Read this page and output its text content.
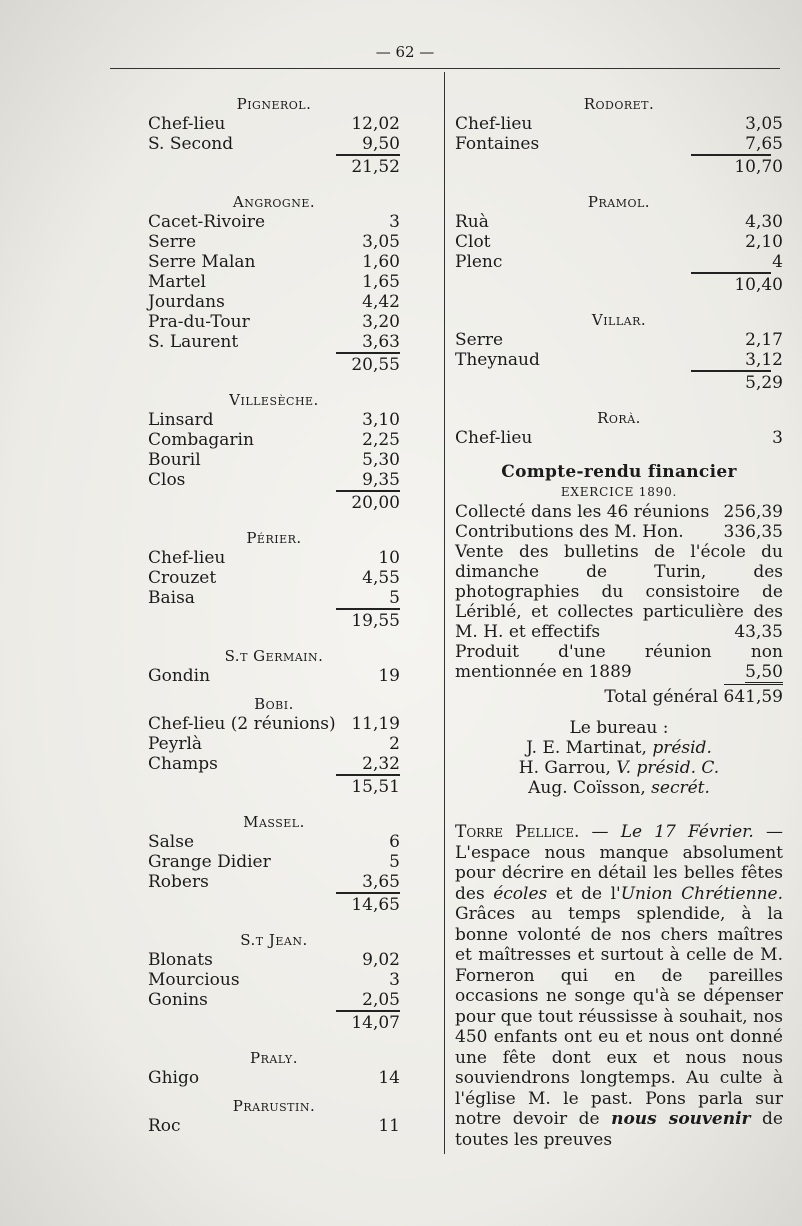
— 62 —
Pignerol.
Chef-lieu	12,02
S. Second	9,50
21,52
Angrogne.
Cacet-Rivoire	3
Serre	3,05
Serre Malan	1,60
Martel	1,65
Jourdans	4,42
Pra-du-Tour	3,20
S. Laurent	3,63
20,55
Villesèche.
Linsard	3,10
Combagarin	2,25
Bouril	5,30
Clos	9,35
20,00
Périer.
Chef-lieu	10
Crouzet	4,55
Baisa	5
19,55
S.t Germain.
Gondin	19
Bobi.
Chef-lieu (2 réunions) 11,19
Peyrlà	2
Champs	2,32
15,51
Massel.
Salse	6
Grange Didier	5
Robers	3,65
14,65
S.t Jean.
Blonats	9,02
Mourcious	3
Gonins	2,05
14,07
Praly.
Ghigo	14
Prarustin.
Roc	11
Rodoret.
Chef-lieu	3,05
Fontaines	7,65
10,70
Pramol.
Ruà	4,30
Clot	2,10
Plenc	4
10,40
Villar.
Serre	2,17
Theynaud	3,12
5,29
Rorà.
Chef-lieu	3
Compte-rendu financier
EXERCICE 1890.
Collecté dans les 46 réunions 256,39
Contributions des M. Hon. 336,35
Vente des bulletins de l'école du dimanche de Turin, des photographies du consistoire de Lériblé, et collectes particulière des M. H. et effectifs	43,35
Produit d'une réunion non mentionnée en 1889	5,50
Total général 641,59
Le bureau :
J. E. Martinat, présid.
H. Garrou, V. présid. C.
Aug. Coïsson, secrét.
Torre Pellice. — Le 17 Février. — L'espace nous manque absolument pour décrire en détail les belles fêtes des écoles et de l'Union Chrétienne. Grâces au temps splendide, à la bonne volonté de nos chers maîtres et maîtresses et surtout à celle de M. Forneron qui en de pareilles occasions ne songe qu'à se dépenser pour que tout réussisse à souhait, nos 450 enfants ont eu et nous ont donné une fête dont eux et nous nous souviendrons longtemps. Au culte à l'église M. le past. Pons parla sur notre devoir de nous souvenir de toutes les preuves
